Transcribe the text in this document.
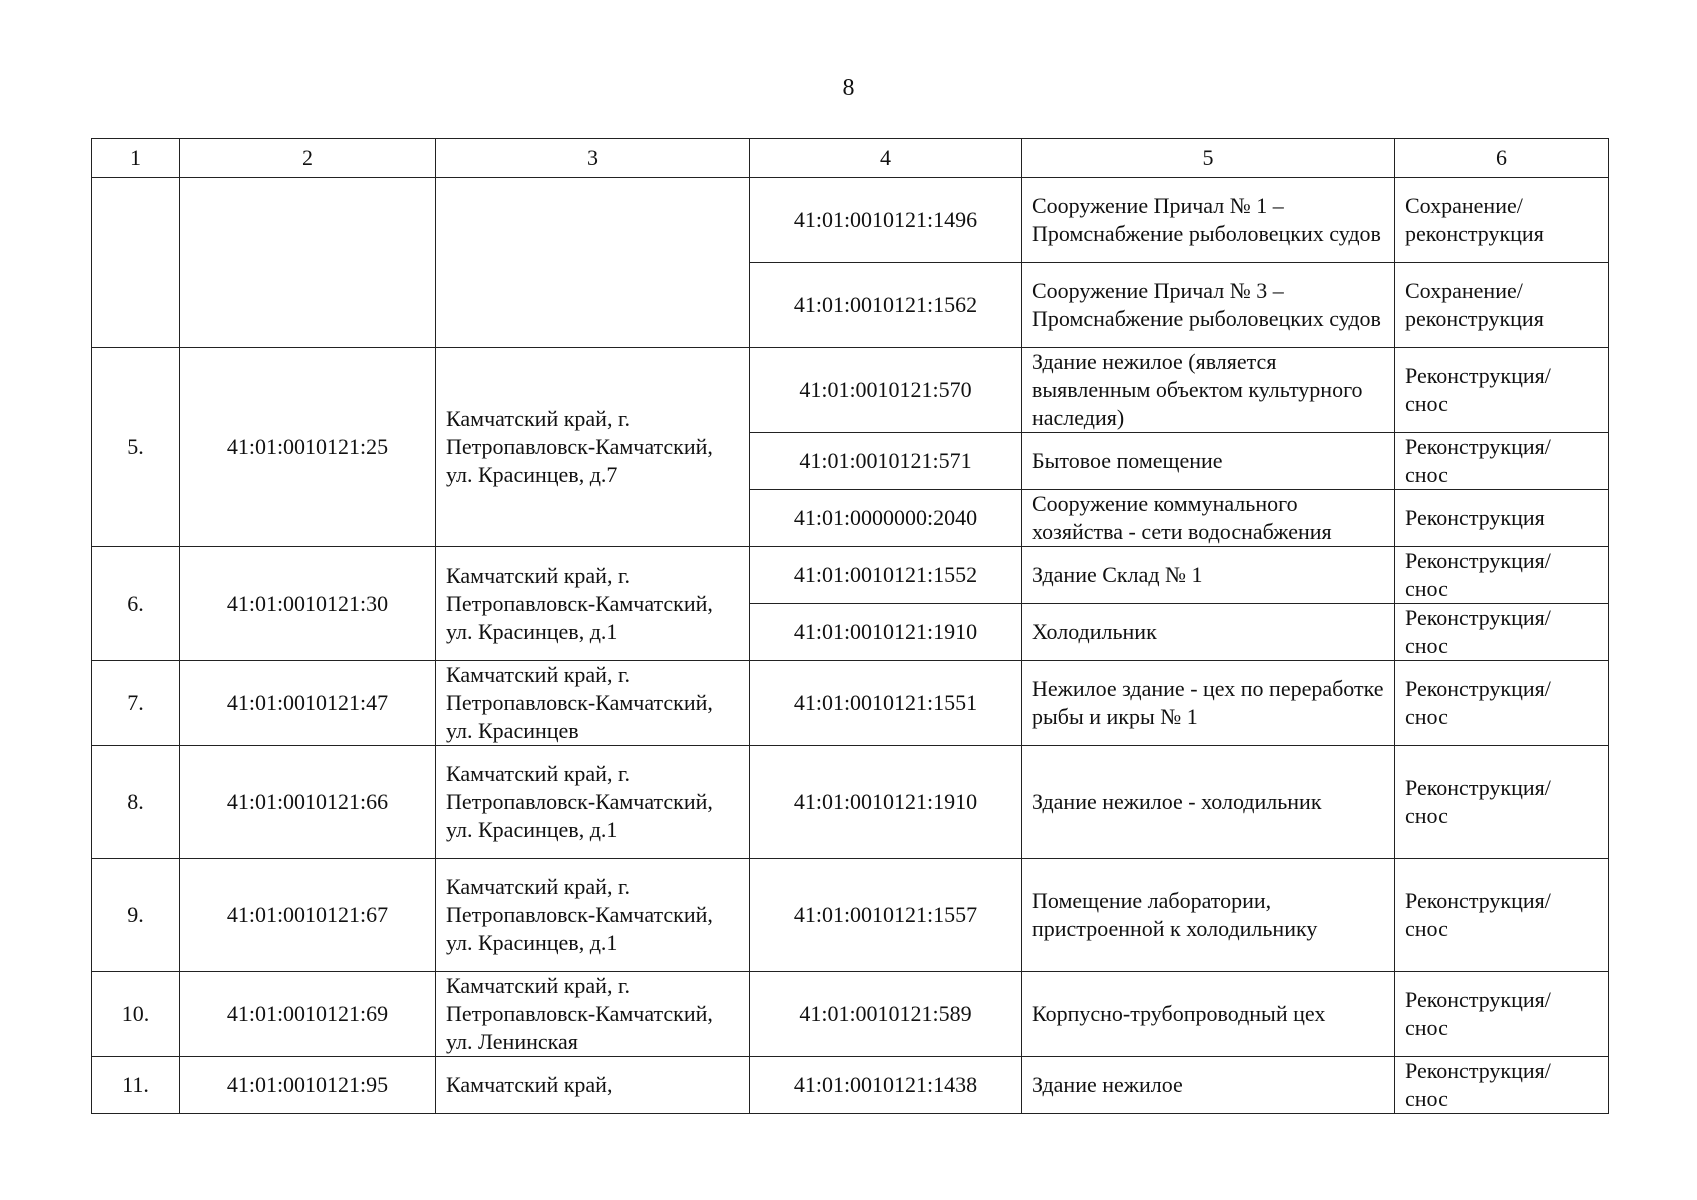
8
1	2	3	4	5	6
			41:01:0010121:1496	Сооружение Причал № 1 – Промснабжение рыболовецких судов	Сохранение/ реконструкция
			41:01:0010121:1562	Сооружение Причал № 3 – Промснабжение рыболовецких судов	Сохранение/ реконструкция
5.	41:01:0010121:25	Камчатский край, г. Петропавловск-Камчатский, ул. Красинцев, д.7	41:01:0010121:570	Здание нежилое (является выявленным объектом культурного наследия)	Реконструкция/ снос
			41:01:0010121:571	Бытовое помещение	Реконструкция/ снос
			41:01:0000000:2040	Сооружение коммунального хозяйства - сети водоснабжения	Реконструкция
6.	41:01:0010121:30	Камчатский край, г. Петропавловск-Камчатский, ул. Красинцев, д.1	41:01:0010121:1552	Здание Склад № 1	Реконструкция/ снос
			41:01:0010121:1910	Холодильник	Реконструкция/ снос
7.	41:01:0010121:47	Камчатский край, г. Петропавловск-Камчатский, ул. Красинцев	41:01:0010121:1551	Нежилое здание - цех по переработке рыбы и икры № 1	Реконструкция/ снос
8.	41:01:0010121:66	Камчатский край, г. Петропавловск-Камчатский, ул. Красинцев, д.1	41:01:0010121:1910	Здание нежилое - холодильник	Реконструкция/ снос
9.	41:01:0010121:67	Камчатский край, г. Петропавловск-Камчатский, ул. Красинцев, д.1	41:01:0010121:1557	Помещение лаборатории, пристроенной к холодильнику	Реконструкция/ снос
10.	41:01:0010121:69	Камчатский край, г. Петропавловск-Камчатский, ул. Ленинская	41:01:0010121:589	Корпусно-трубопроводный цех	Реконструкция/ снос
11.	41:01:0010121:95	Камчатский край,	41:01:0010121:1438	Здание нежилое	Реконструкция/ снос
